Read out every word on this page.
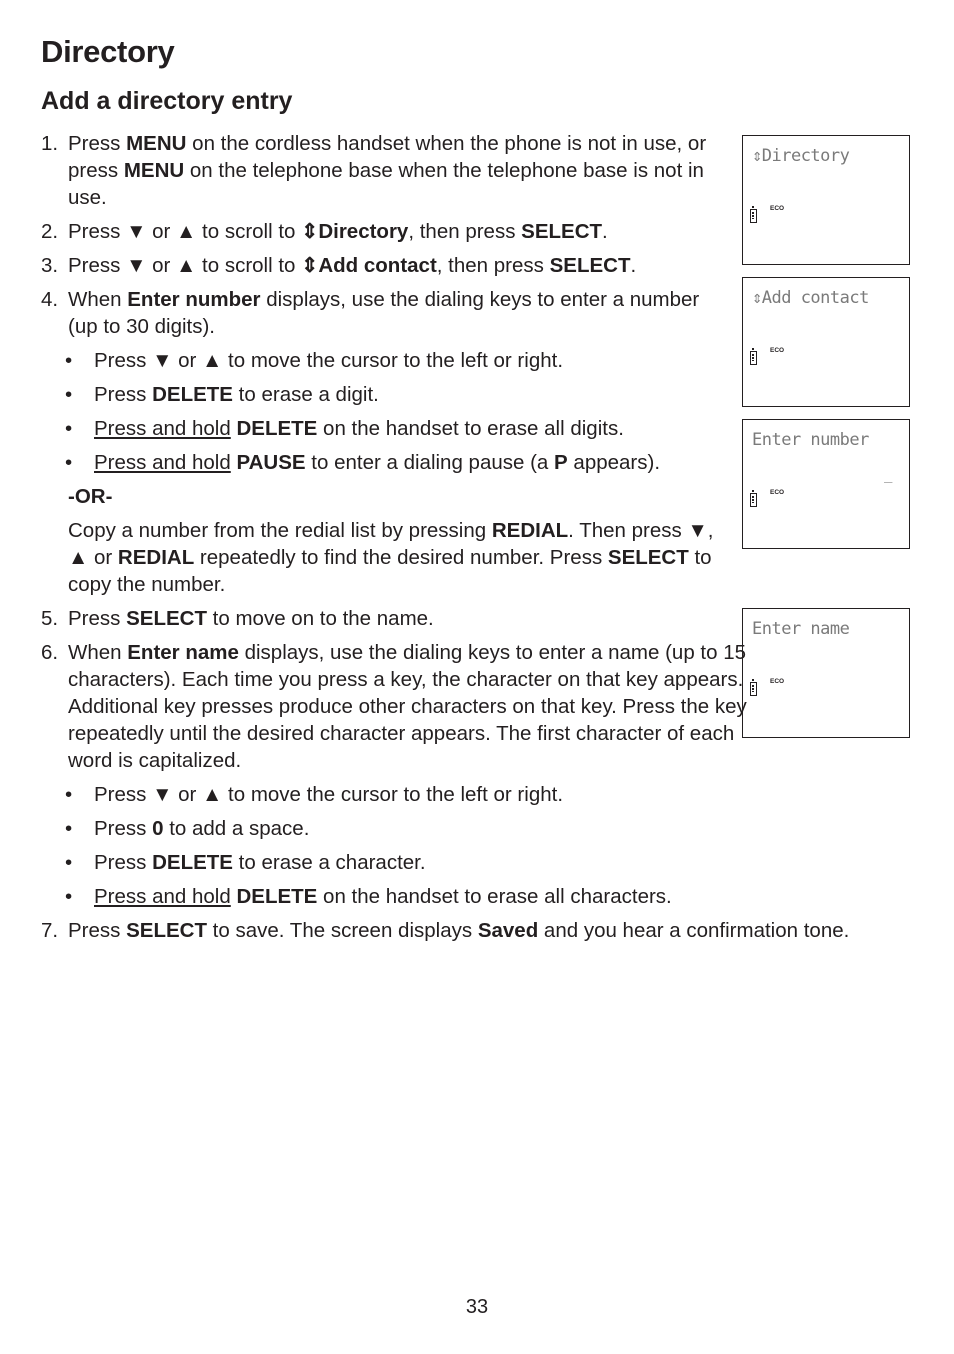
Directory
Add a directory entry
1. Press MENU on the cordless handset when the phone is not in use, or press MENU on the telephone base when the telephone base is not in use.
2. Press ▼ or ▲ to scroll to ⇕Directory, then press SELECT.
3. Press ▼ or ▲ to scroll to ⇕Add contact, then press SELECT.
4. When Enter number displays, use the dialing keys to enter a number (up to 30 digits).
• Press ▼ or ▲ to move the cursor to the left or right.
• Press DELETE to erase a digit.
• Press and hold DELETE on the handset to erase all digits.
• Press and hold PAUSE to enter a dialing pause (a P appears).
-OR-
Copy a number from the redial list by pressing REDIAL. Then press ▼, ▲ or REDIAL repeatedly to find the desired number. Press SELECT to copy the number.
5. Press SELECT to move on to the name.
6. When Enter name displays, use the dialing keys to enter a name (up to 15 characters). Each time you press a key, the character on that key appears. Additional key presses produce other characters on that key. Press the key repeatedly until the desired character appears. The first character of each word is capitalized.
• Press ▼ or ▲ to move the cursor to the left or right.
• Press 0 to add a space.
• Press DELETE to erase a character.
• Press and hold DELETE on the handset to erase all characters.
7. Press SELECT to save. The screen displays Saved and you hear a confirmation tone.
⇕Directory
ECO
⇕Add contact
ECO
Enter number
_
ECO
Enter name
ECO
33
